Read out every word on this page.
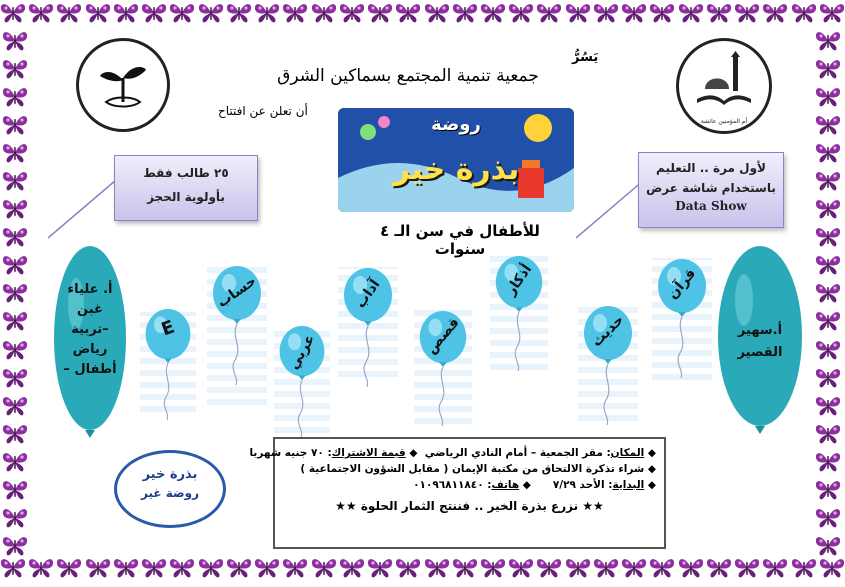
أم المؤمنين عائشة
يَسُرُّ
جمعية تنمية المجتمع بسماكين الشرق
أن تعلن عن افتتاح
روضة
بذرة خير
للأطفال في سن الـ ٤ سنوات
٢٥ طالب فقط
بأولوية الحجز
لأول مرة .. التعليم
باستخدام شاشة عرض
Data Show
أ. علياء
غبن
–تربية
رياض
أطفال –
أ.سهير
القصير
E
حساب
عربي
آداب
قصص
أذكار
حديث
قرآن
بذرة خير
روضة غير
◆ المكان: مقر الجمعية – أمام النادي الرياضي  ◆ قيمة الاشتراك: ٧٠ جنيه شهريا
◆ شراء تذكرة الالتحاق من مكتبة الإيمان ( مقابل الشؤون الاجتماعية )
◆ البداية: الأحد ٧/٢٩      ◆ هاتف: ٠١٠٩٦٨١١٨٤٠
★★ نزرع بذرة الخير .. فننتج الثمار الحلوة ★★
